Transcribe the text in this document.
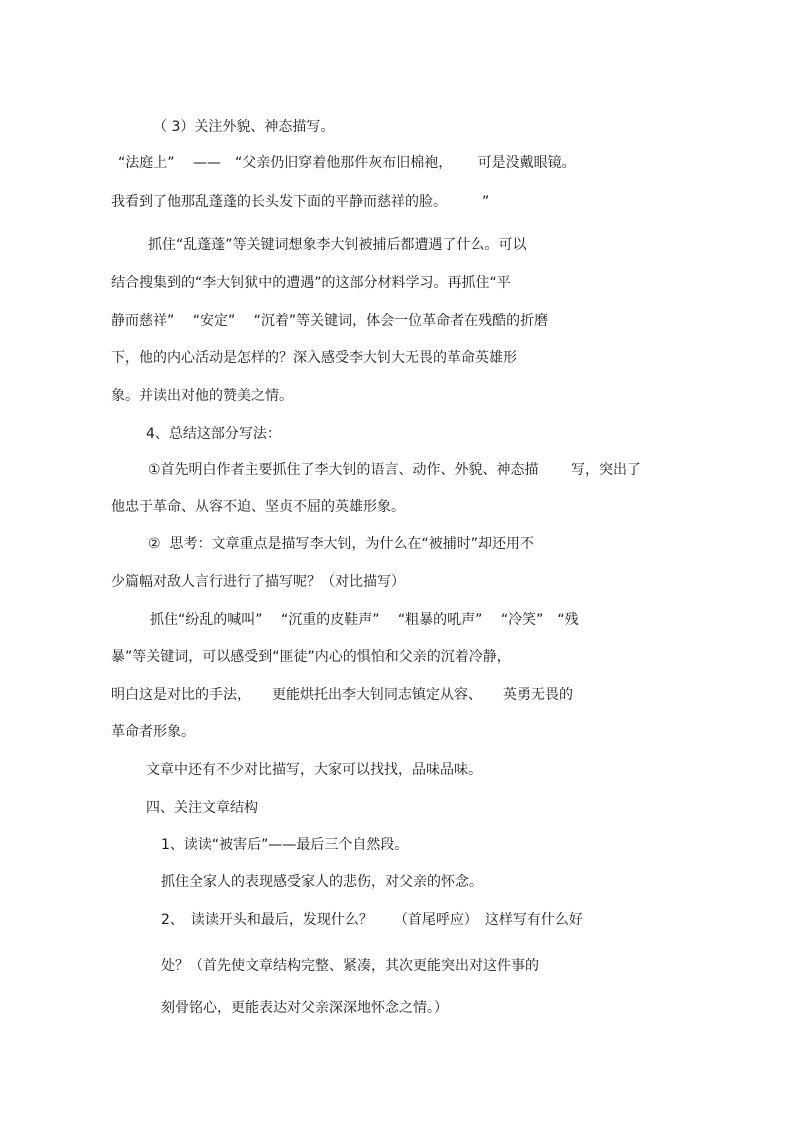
（ 3）关注外貌、神态描写。
“法庭上”　 ——　“父亲仍旧穿着他那件灰布旧棉袍，　　 可是没戴眼镜。
我看到了他那乱蓬蓬的长头发下面的平静而慈祥的脸。　　　”
抓住“乱蓬蓬”等关键词想象李大钊被捕后都遭遇了什么。可以
结合搜集到的“李大钊狱中的遭遇”的这部分材料学习。再抓住“平
静而慈祥”　 “安定”　 “沉着”等关键词，体会一位革命者在残酷的折磨
下，他的内心活动是怎样的？深入感受李大钊大无畏的革命英雄形
象。并读出对他的赞美之情。
4、总结这部分写法：
①首先明白作者主要抓住了李大钊的语言、动作、外貌、神态描　　 写，突出了
他忠于革命、从容不迫、坚贞不屈的英雄形象。
②  思考：文章重点是描写李大钊，为什么在“被捕时”却还用不
少篇幅对敌人言行进行了描写呢？（对比描写）
抓住“纷乱的喊叫”　 “沉重的皮鞋声”　 “粗暴的吼声”　 “冷笑”　“残
暴”等关键词，可以感受到“匪徒”内心的惧怕和父亲的沉着冷静，
明白这是对比的手法，　　更能烘托出李大钊同志镇定从容、　　英勇无畏的
革命者形象。
文章中还有不少对比描写，大家可以找找，品味品味。
四、关注文章结构
1、读读“被害后”——最后三个自然段。
抓住全家人的表现感受家人的悲伤，对父亲的怀念。
2、　读读开头和最后，发现什么？　　（首尾呼应）　这样写有什么好
处？（首先使文章结构完整、紧凑，其次更能突出对这件事的
刻骨铭心，更能表达对父亲深深地怀念之情。）
